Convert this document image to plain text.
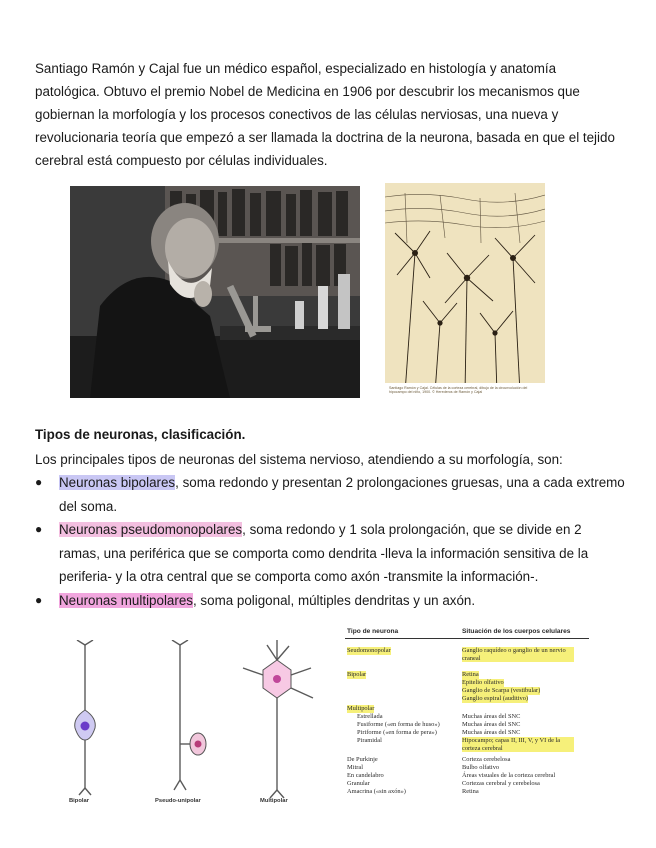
Santiago Ramón y Cajal fue un médico español, especializado en histología y anatomía patológica. Obtuvo el premio Nobel de Medicina en 1906 por descubrir los mecanismos que gobiernan la morfología y los procesos conectivos de las células nerviosas, una nueva y revolucionaria teoría que empezó a ser llamada la doctrina de la neurona, basada en que el tejido cerebral está compuesto por células individuales.

Santiago Ramón y Cajal. Células de la corteza cerebral, dibujo de la circunvolución del hipocampo del niño, 1900. © Herederos de Ramón y Cajal

Tipos de neuronas, clasificación.

Los principales tipos de neuronas del sistema nervioso, atendiendo a su morfología, son:

● Neuronas bipolares, soma redondo y presentan 2 prolongaciones gruesas, una a cada extremo del soma.
● Neuronas pseudomonopolares, soma redondo y 1 sola prolongación, que se divide en 2 ramas, una periférica que se comporta como dendrita -lleva la información sensitiva de la periferia- y la otra central que se comporta como axón -transmite la información-.
● Neuronas multipolares, soma poligonal, múltiples dendritas y un axón.
Bipolar	Pseudo-unipolar	Multipolar
Tipo de neurona	Situación de los cuerpos celulares
Seudomonopolar	Ganglio raquídeo o ganglio de un nervio craneal
Bipolar	Retina
Epitelio olfativo
Ganglio de Scarpa (vestibular)
Ganglio espiral (auditivo)
Multipolar
Estrellada	Muchas áreas del SNC
Fusiforme («en forma de huso»)	Muchas áreas del SNC
Piriforme («en forma de pera»)	Muchas áreas del SNC
Piramidal	Hipocampo; capas II, III, V, y VI de la corteza cerebral
De Purkinje	Corteza cerebelosa
Mitral	Bulbo olfativo
En candelabro	Áreas visuales de la corteza cerebral
Granular	Cortezas cerebral y cerebelosa
Amacrina («sin axón»)	Retina
